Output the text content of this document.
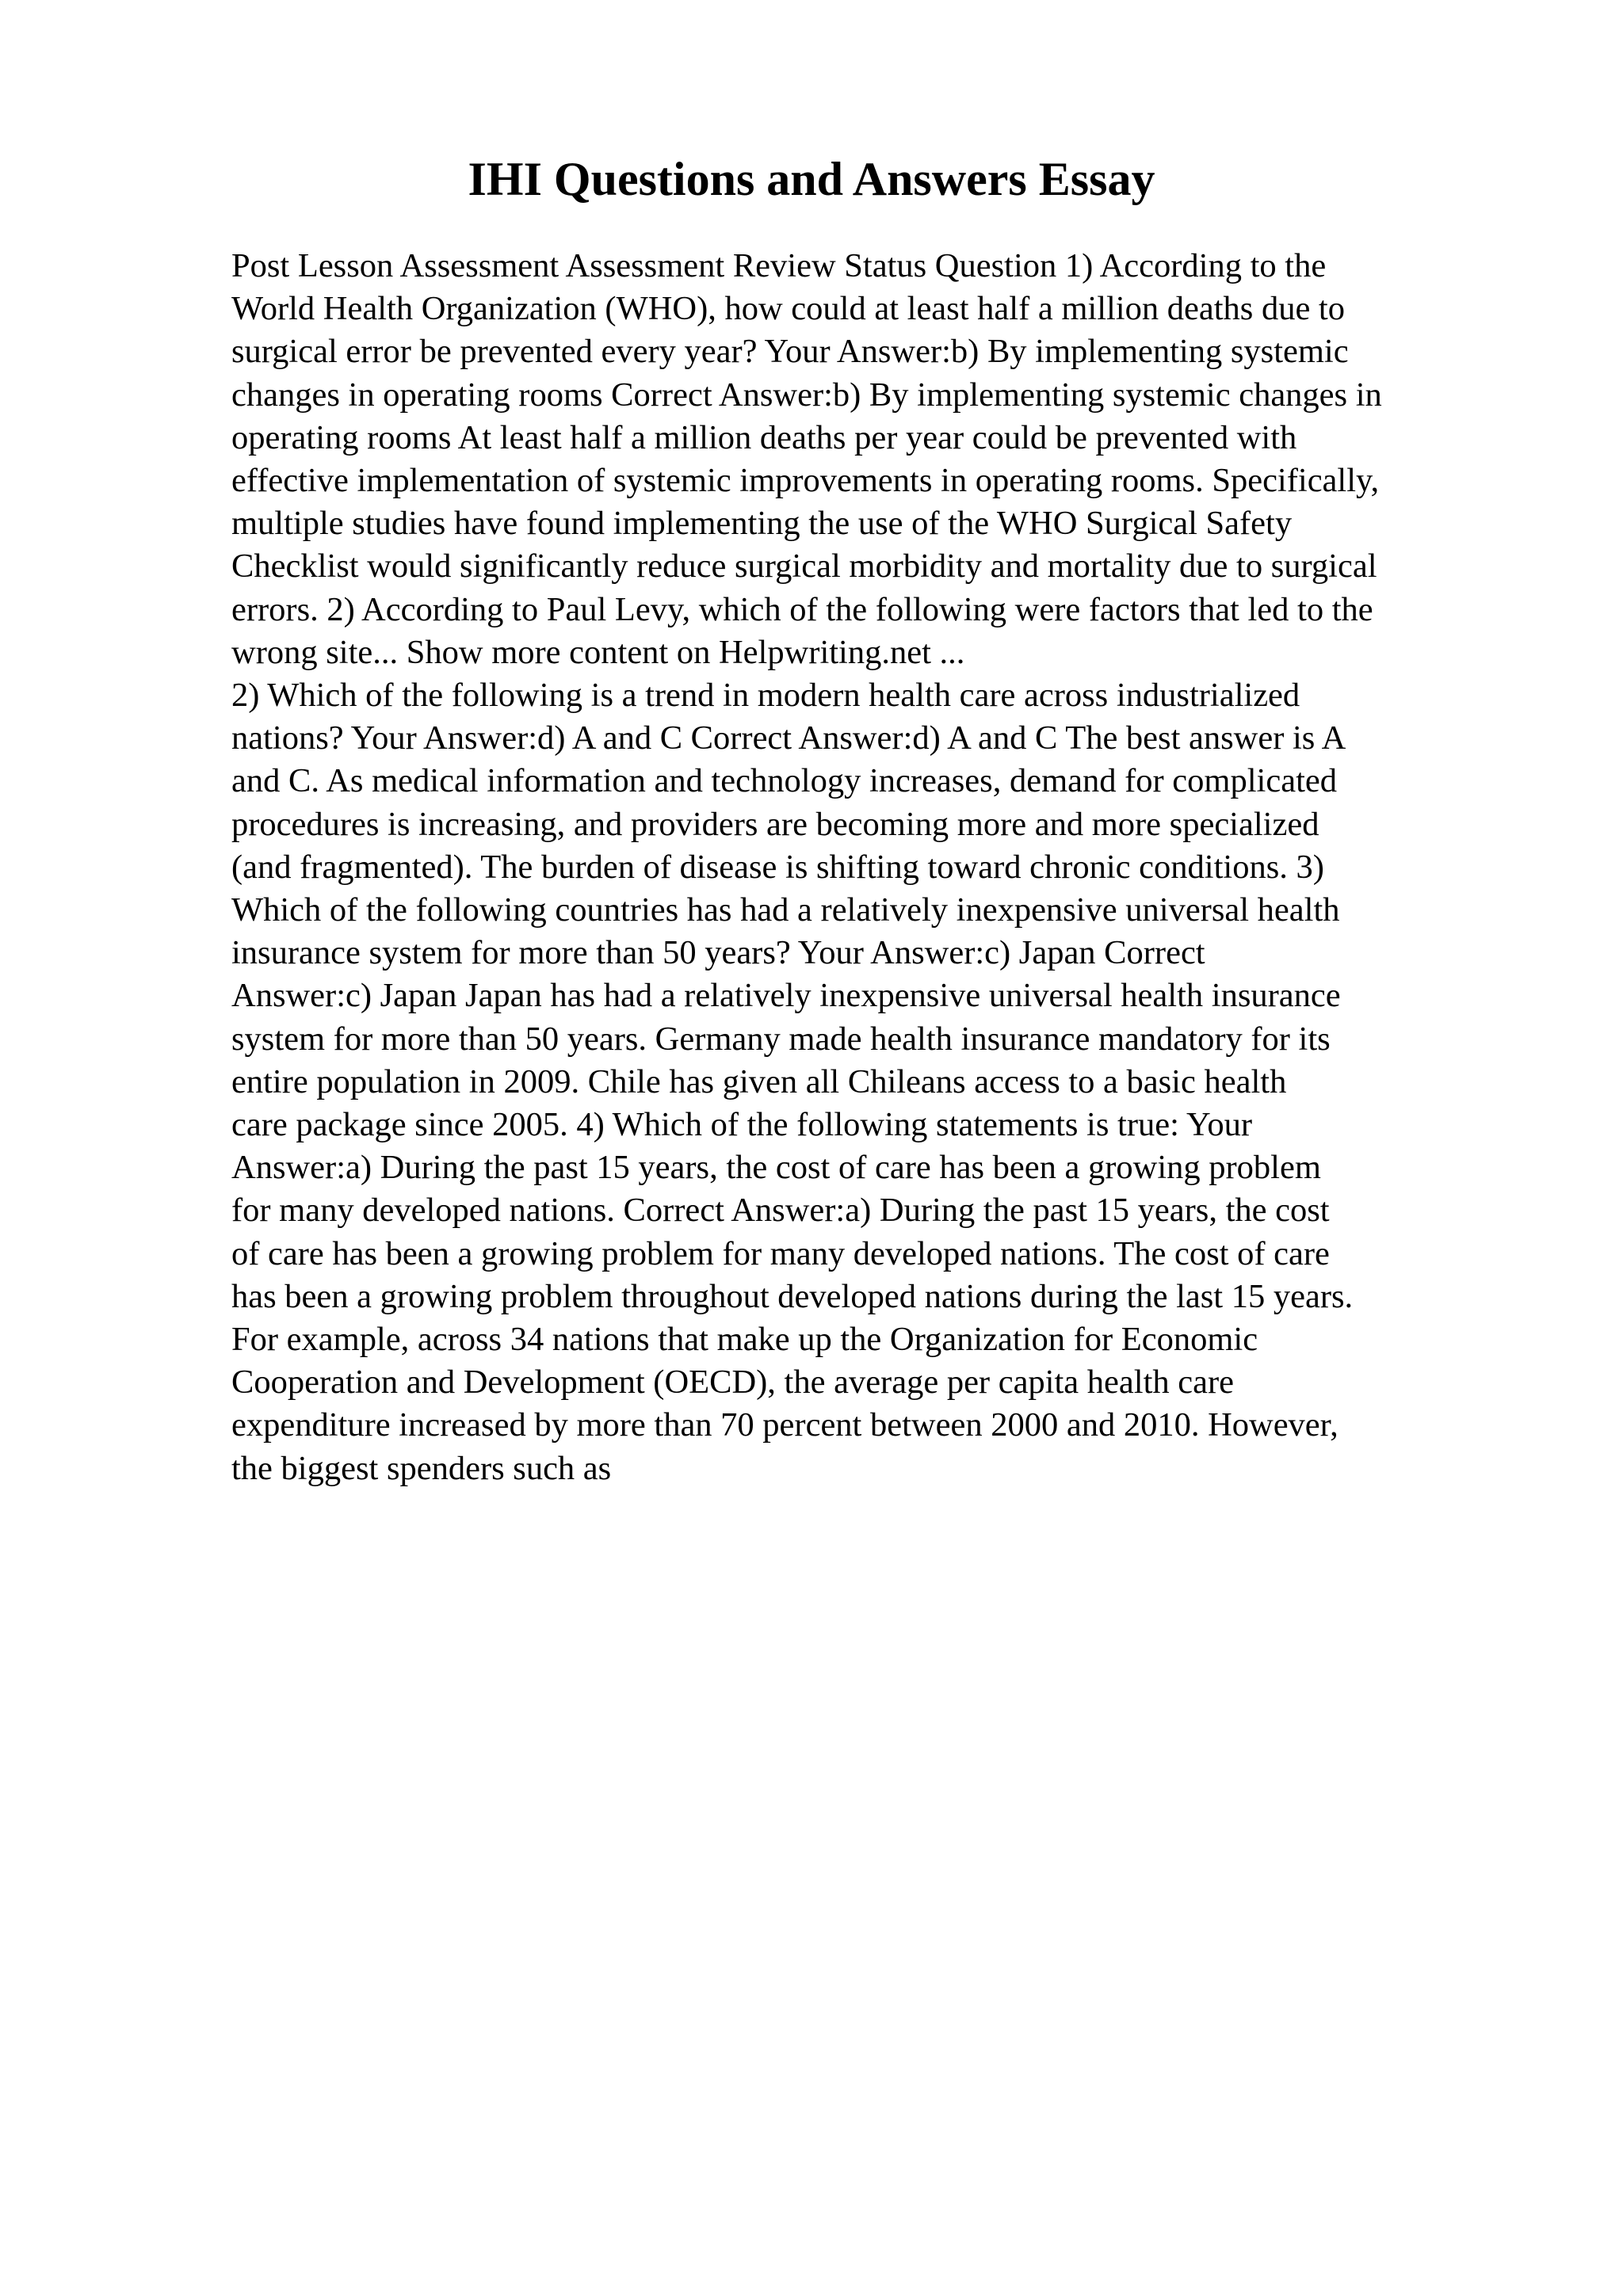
IHI Questions and Answers Essay
Post Lesson Assessment Assessment Review Status Question 1) According to the
World Health Organization (WHO), how could at least half a million deaths due to
surgical error be prevented every year? Your Answer:b) By implementing systemic
changes in operating rooms Correct Answer:b) By implementing systemic changes in
operating rooms At least half a million deaths per year could be prevented with
effective implementation of systemic improvements in operating rooms. Specifically,
multiple studies have found implementing the use of the WHO Surgical Safety
Checklist would significantly reduce surgical morbidity and mortality due to surgical
errors. 2) According to Paul Levy, which of the following were factors that led to the
wrong site... Show more content on Helpwriting.net ...
2) Which of the following is a trend in modern health care across industrialized
nations? Your Answer:d) A and C Correct Answer:d) A and C The best answer is A
and C. As medical information and technology increases, demand for complicated
procedures is increasing, and providers are becoming more and more specialized
(and fragmented). The burden of disease is shifting toward chronic conditions. 3)
Which of the following countries has had a relatively inexpensive universal health
insurance system for more than 50 years? Your Answer:c) Japan Correct
Answer:c) Japan Japan has had a relatively inexpensive universal health insurance
system for more than 50 years. Germany made health insurance mandatory for its
entire population in 2009. Chile has given all Chileans access to a basic health
care package since 2005. 4) Which of the following statements is true: Your
Answer:a) During the past 15 years, the cost of care has been a growing problem
for many developed nations. Correct Answer:a) During the past 15 years, the cost
of care has been a growing problem for many developed nations. The cost of care
has been a growing problem throughout developed nations during the last 15 years.
For example, across 34 nations that make up the Organization for Economic
Cooperation and Development (OECD), the average per capita health care
expenditure increased by more than 70 percent between 2000 and 2010. However,
the biggest spenders such as
